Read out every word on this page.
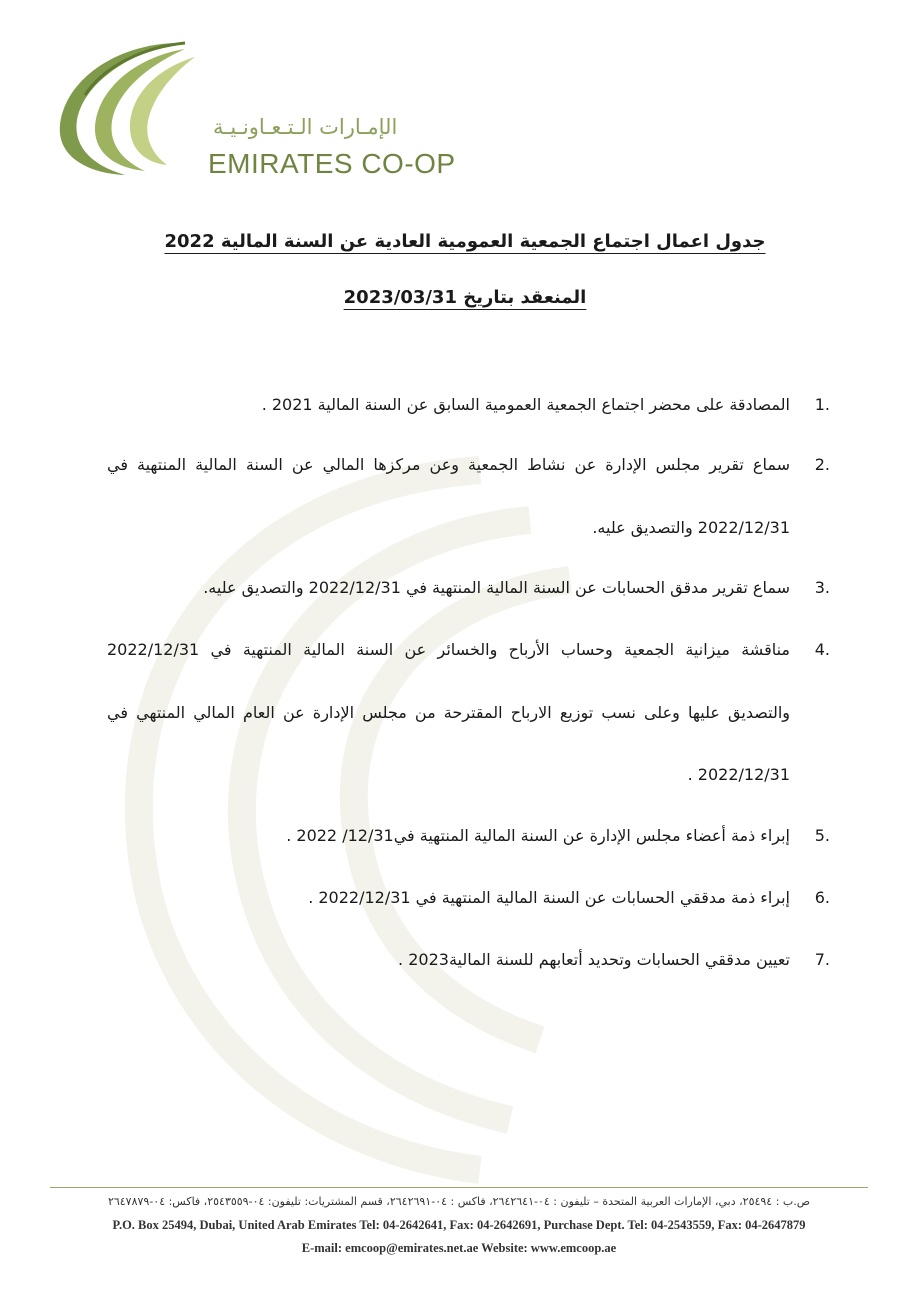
الإمـارات الـتـعـاونـيـة
EMIRATES CO-OP
جدول اعمال اجتماع الجمعية العمومية العادية عن السنة المالية 2022
المنعقد بتاريخ 2023/03/31
.1
المصادقة على محضر اجتماع الجمعية العمومية السابق عن السنة المالية 2021 .
.2
سماع تقرير مجلس الإدارة عن نشاط الجمعية وعن مركزها المالي عن السنة المالية المنتهية في
2022/12/31 والتصديق عليه.
.3
سماع تقرير مدقق الحسابات عن السنة المالية المنتهية في 2022/12/31 والتصديق عليه.
.4
مناقشة ميزانية الجمعية وحساب الأرباح والخسائر عن السنة المالية المنتهية في 2022/12/31
والتصديق عليها وعلى نسب توزيع الارباح المقترحة من مجلس الإدارة عن العام المالي المنتهي في
2022/12/31 .
.5
إبراء ذمة أعضاء مجلس الإدارة عن السنة المالية المنتهية في12/31/ 2022 .
.6
إبراء ذمة مدققي الحسابات عن السنة المالية المنتهية في 2022/12/31 .
.7
تعيين مدققي الحسابات وتحديد أتعابهم للسنة المالية2023 .
ص.ب : ٢٥٤٩٤، دبي، الإمارات العربية المتحدة – تليفون : ٠٤-٢٦٤٢٦٤١، فاكس : ٠٤-٢٦٤٢٦٩١، قسم المشتريات: تليفون: ٠٤-٢٥٤٣٥٥٩، فاكس: ٠٤-٢٦٤٧٨٧٩
P.O. Box 25494, Dubai, United Arab Emirates Tel: 04-2642641, Fax: 04-2642691, Purchase Dept. Tel: 04-2543559, Fax: 04-2647879
E-mail: emcoop@emirates.net.ae Website: www.emcoop.ae
